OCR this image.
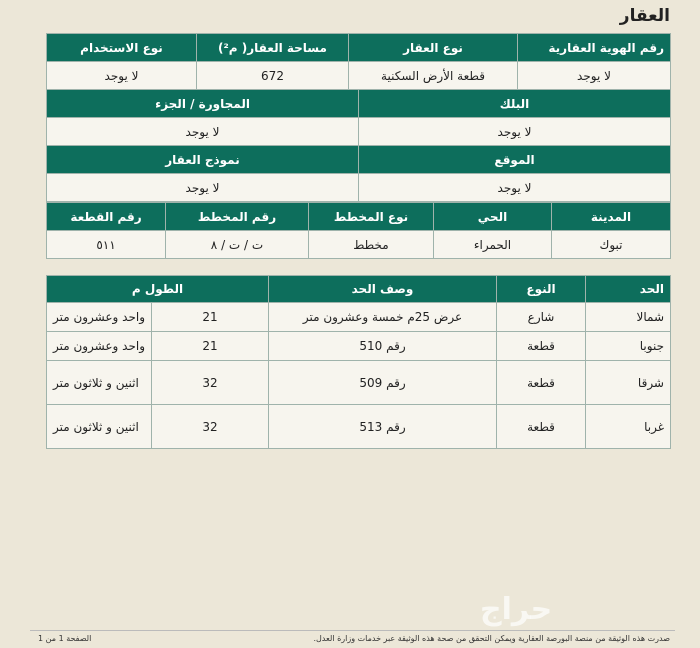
العقار
رقم الهوية العقارية	نوع العقار	مساحة العقار( م²)	نوع الاستخدام
لا يوجد	قطعة الأرض السكنية	672	لا يوجد
البلك	المجاورة / الجزء
لا يوجد	لا يوجد
الموقع	نموذج العقار
لا يوجد	لا يوجد
المدينة	الحي	نوع المخطط	رقم المخطط	رقم القطعة
تبوك	الحمراء	مخطط	ت / ت / ٨	٥١١
الحد	النوع	وصف الحد	الطول م	
شمالا	شارع	عرض 25م خمسة وعشرون متر	21	واحد وعشرون متر
جنوبا	قطعة	رقم 510	21	واحد وعشرون متر
شرقا	قطعة	رقم 509	32	اثنين و ثلاثون متر
غربا	قطعة	رقم 513	32	اثنين و ثلاثون متر
حراج
صدرت هذه الوثيقة من منصة البورصة العقارية ويمكن التحقق من صحة هذه الوثيقة عبر خدمات وزارة العدل.
الصفحة 1 من 1
